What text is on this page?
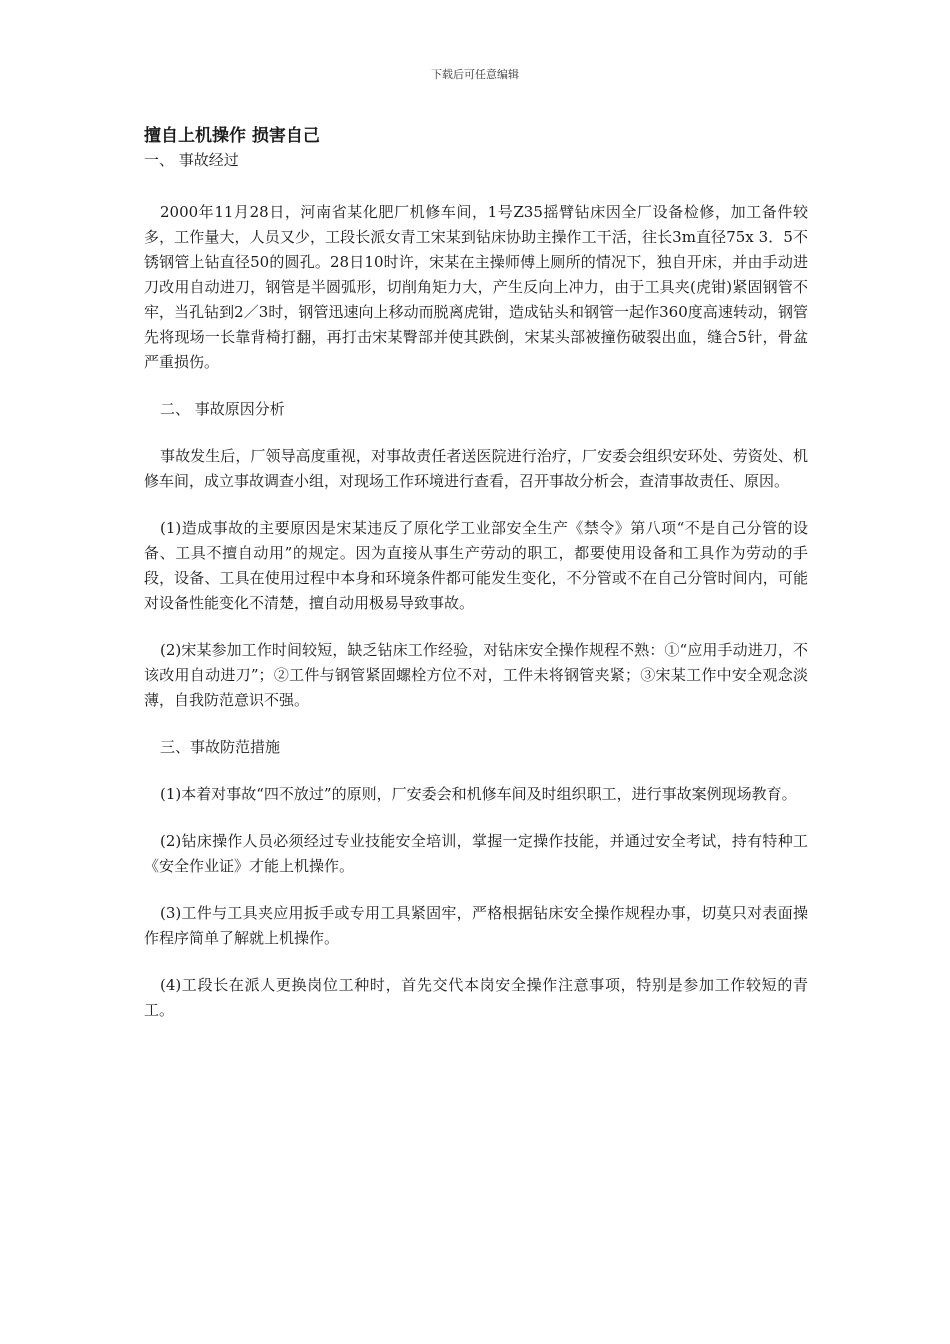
下载后可任意编辑

擅自上机操作 损害自己

一、 事故经过

2000年11月28日，河南省某化肥厂机修车间，1号Z35摇臂钻床因全厂设备检修，加工备件较多，工作量大，人员又少，工段长派女青工宋某到钻床协助主操作工干活，往长3m直径75x 3．5不锈钢管上钻直径50的圆孔。28日10时许，宋某在主操师傅上厕所的情况下，独自开床，并由手动进刀改用自动进刀，钢管是半圆弧形，切削角矩力大，产生反向上冲力，由于工具夹(虎钳)紧固钢管不牢，当孔钻到2／3时，钢管迅速向上移动而脱离虎钳，造成钻头和钢管一起作360度高速转动，钢管先将现场一长靠背椅打翻，再打击宋某臀部并使其跌倒，宋某头部被撞伤破裂出血，缝合5针，骨盆严重损伤。

二、 事故原因分析

事故发生后，厂领导高度重视，对事故责任者送医院进行治疗，厂安委会组织安环处、劳资处、机修车间，成立事故调查小组，对现场工作环境进行查看，召开事故分析会，查清事故责任、原因。

(1)造成事故的主要原因是宋某违反了原化学工业部安全生产《禁令》第八项“不是自己分管的设备、工具不擅自动用”的规定。因为直接从事生产劳动的职工，都要使用设备和工具作为劳动的手段，设备、工具在使用过程中本身和环境条件都可能发生变化，不分管或不在自己分管时间内，可能对设备性能变化不清楚，擅自动用极易导致事故。

(2)宋某参加工作时间较短，缺乏钻床工作经验，对钻床安全操作规程不熟：①“应用手动进刀，不该改用自动进刀”；②工件与钢管紧固螺栓方位不对，工件未将钢管夹紧；③宋某工作中安全观念淡薄，自我防范意识不强。

三、事故防范措施

(1)本着对事故“四不放过”的原则，厂安委会和机修车间及时组织职工，进行事故案例现场教育。

(2)钻床操作人员必须经过专业技能安全培训，掌握一定操作技能，并通过安全考试，持有特种工《安全作业证》才能上机操作。

(3)工件与工具夹应用扳手或专用工具紧固牢，严格根据钻床安全操作规程办事，切莫只对表面操作程序简单了解就上机操作。

(4)工段长在派人更换岗位工种时，首先交代本岗安全操作注意事项，特别是参加工作较短的青工。
